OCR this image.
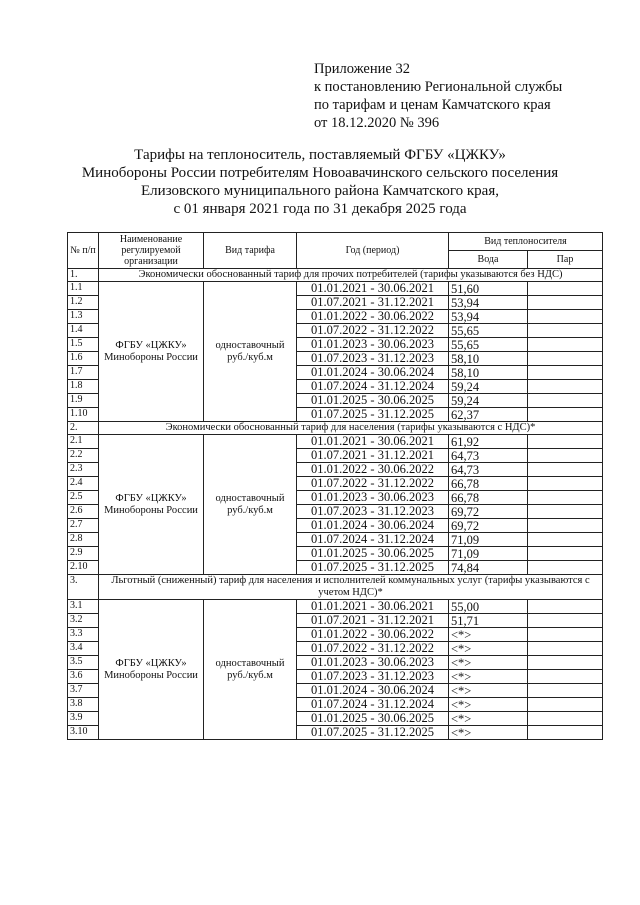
Приложение 32
к постановлению Региональной службы
по тарифам и ценам Камчатского края
от 18.12.2020 № 396
Тарифы на теплоноситель, поставляемый ФГБУ «ЦЖКУ»
Минобороны России потребителям Новоавачинского сельского поселения
Елизовского муниципального района Камчатского края,
с 01 января 2021 года по 31 декабря 2025 года
№ п/п	Наименование регулируемой организации	Вид тарифа	Год (период)	Вид теплоносителя	
				Вода	Пар
1.	Экономически обоснованный тариф для прочих потребителей (тарифы указываются без НДС)				
1.1	ФГБУ «ЦЖКУ» Минобороны России	одноставочный руб./куб.м	01.01.2021 - 30.06.2021	51,60	
1.2			01.07.2021 - 31.12.2021	53,94	
1.3			01.01.2022 - 30.06.2022	53,94	
1.4			01.07.2022 - 31.12.2022	55,65	
1.5			01.01.2023 - 30.06.2023	55,65	
1.6			01.07.2023 - 31.12.2023	58,10	
1.7			01.01.2024 - 30.06.2024	58,10	
1.8			01.07.2024 - 31.12.2024	59,24	
1.9			01.01.2025 - 30.06.2025	59,24	
1.10			01.07.2025 - 31.12.2025	62,37	
2.	Экономически обоснованный тариф для населения (тарифы указываются с НДС)*				
2.1	ФГБУ «ЦЖКУ» Минобороны России	одноставочный руб./куб.м	01.01.2021 - 30.06.2021	61,92	
2.2			01.07.2021 - 31.12.2021	64,73	
2.3			01.01.2022 - 30.06.2022	64,73	
2.4			01.07.2022 - 31.12.2022	66,78	
2.5			01.01.2023 - 30.06.2023	66,78	
2.6			01.07.2023 - 31.12.2023	69,72	
2.7			01.01.2024 - 30.06.2024	69,72	
2.8			01.07.2024 - 31.12.2024	71,09	
2.9			01.01.2025 - 30.06.2025	71,09	
2.10			01.07.2025 - 31.12.2025	74,84	
3.	Льготный (сниженный) тариф для населения и исполнителей коммунальных услуг (тарифы указываются с учетом НДС)*				
3.1	ФГБУ «ЦЖКУ» Минобороны России	одноставочный руб./куб.м	01.01.2021 - 30.06.2021	55,00	
3.2			01.07.2021 - 31.12.2021	51,71	
3.3			01.01.2022 - 30.06.2022	<*>	
3.4			01.07.2022 - 31.12.2022	<*>	
3.5			01.01.2023 - 30.06.2023	<*>	
3.6			01.07.2023 - 31.12.2023	<*>	
3.7			01.01.2024 - 30.06.2024	<*>	
3.8			01.07.2024 - 31.12.2024	<*>	
3.9			01.01.2025 - 30.06.2025	<*>	
3.10			01.07.2025 - 31.12.2025	<*>	
